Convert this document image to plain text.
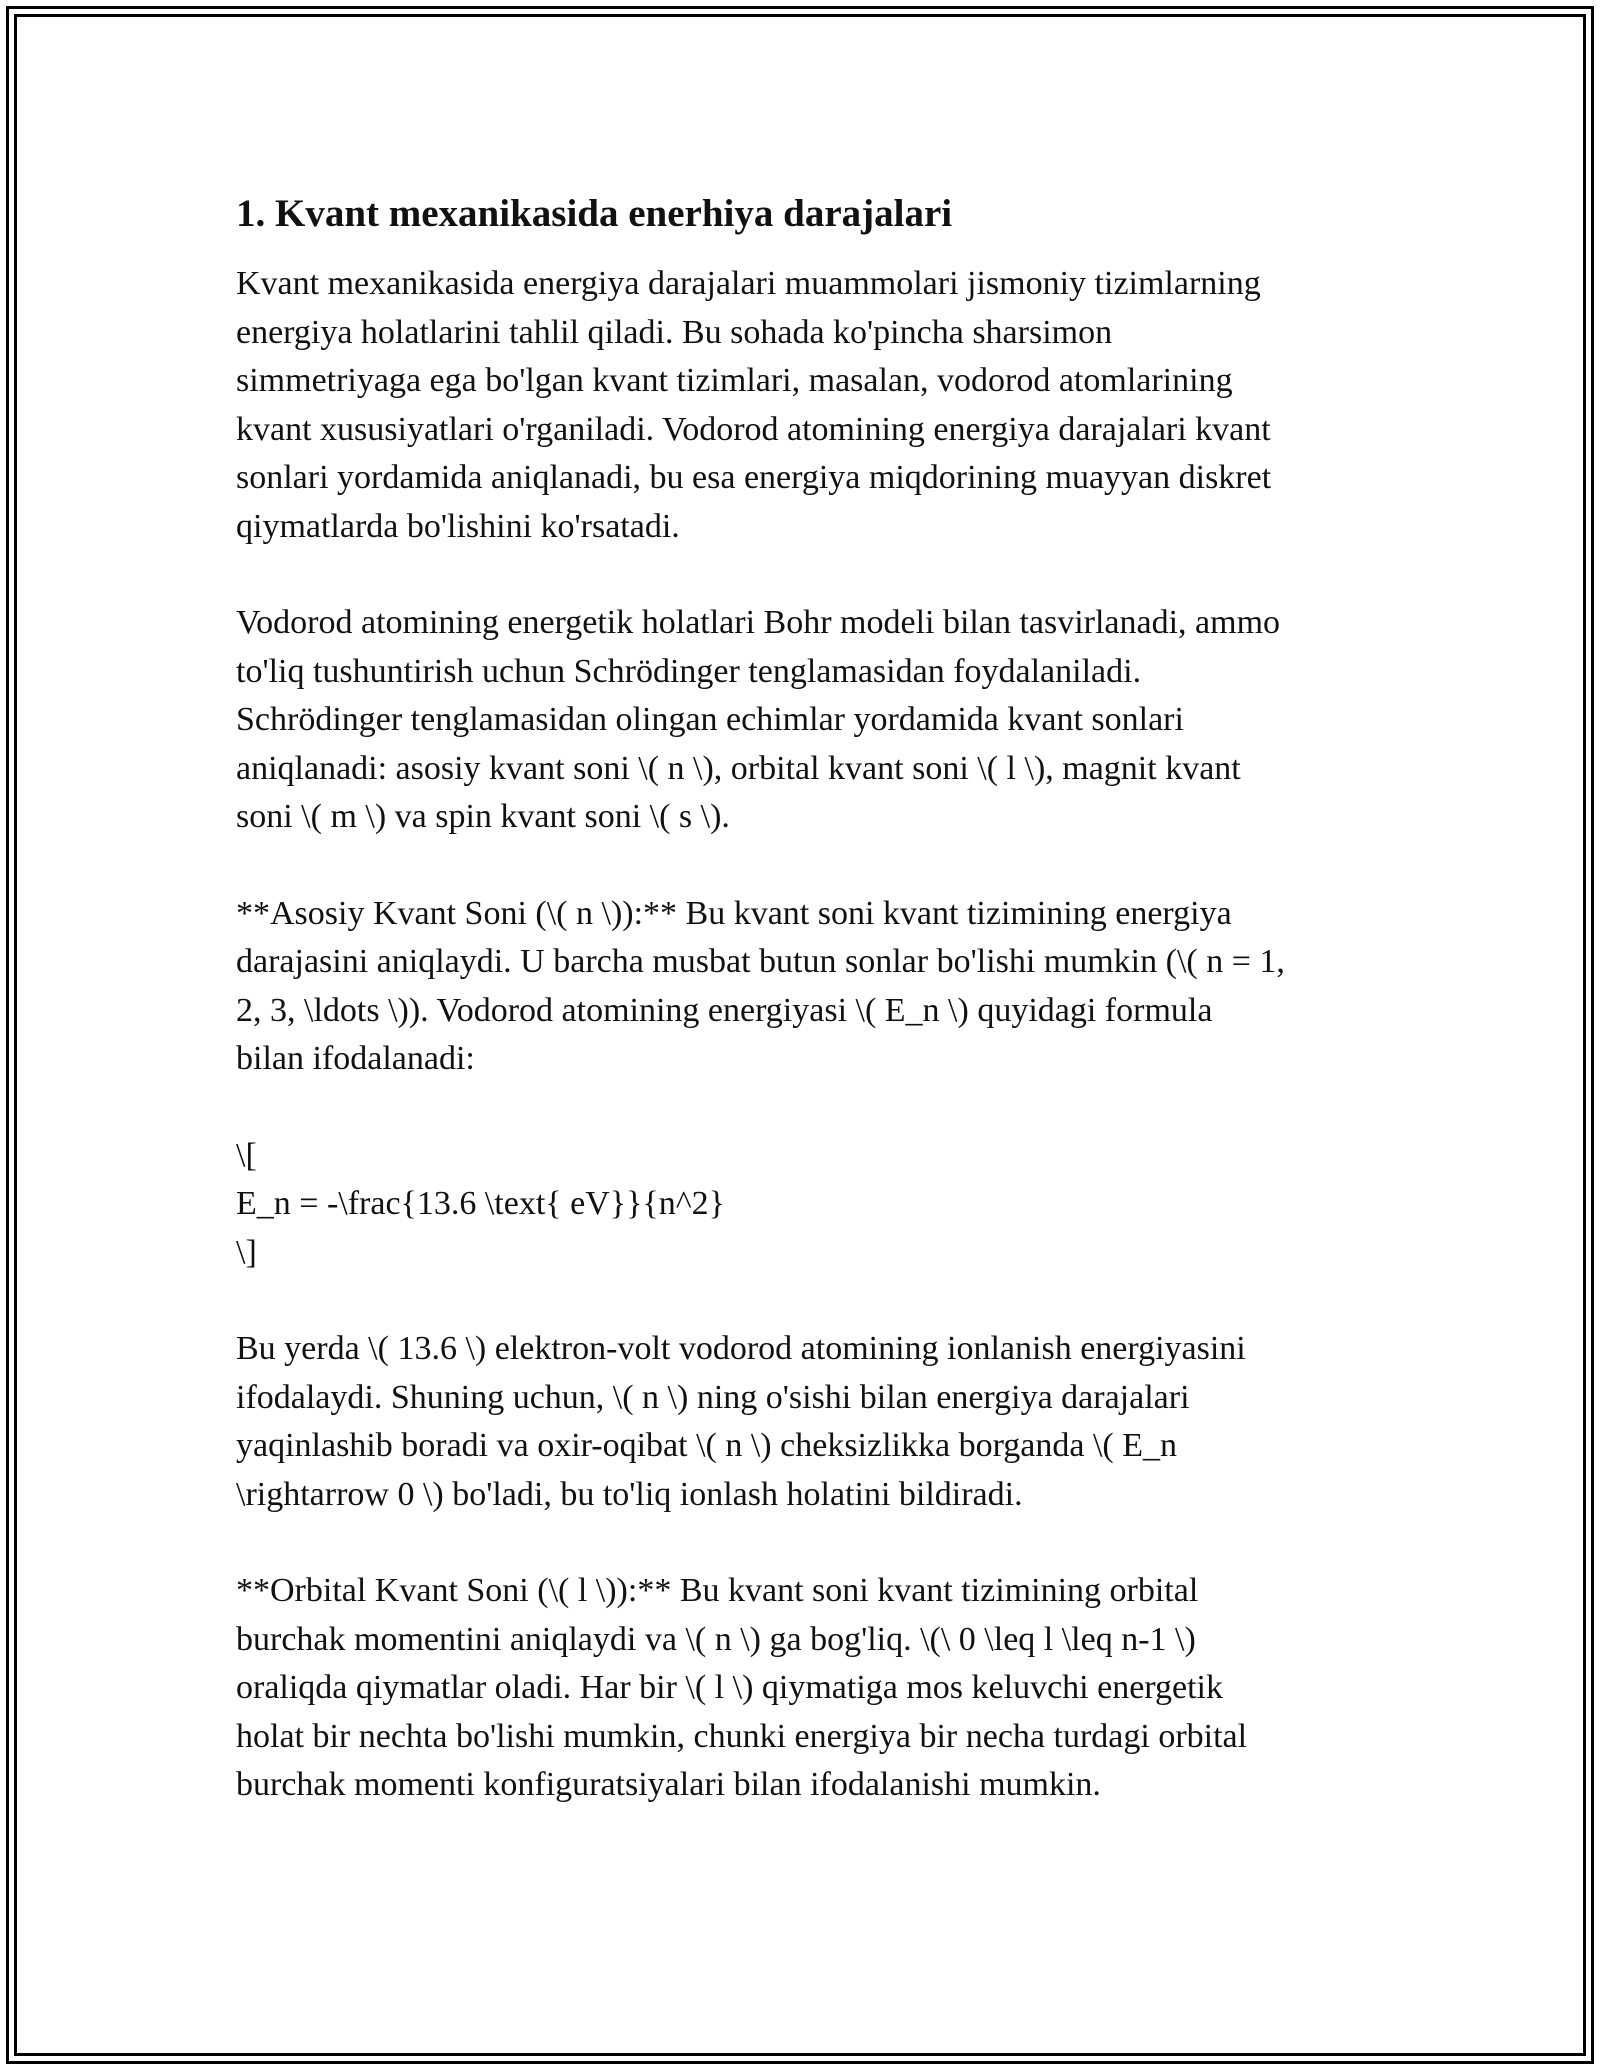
1. Kvant mexanikasida enerhiya darajalari

Kvant mexanikasida energiya darajalari muammolari jismoniy tizimlarning
energiya holatlarini tahlil qiladi. Bu sohada ko'pincha sharsimon
simmetriyaga ega bo'lgan kvant tizimlari, masalan, vodorod atomlarining
kvant xususiyatlari o'rganiladi. Vodorod atomining energiya darajalari kvant
sonlari yordamida aniqlanadi, bu esa energiya miqdorining muayyan diskret
qiymatlarda bo'lishini ko'rsatadi.

Vodorod atomining energetik holatlari Bohr modeli bilan tasvirlanadi, ammo
to'liq tushuntirish uchun Schrödinger tenglamasidan foydalaniladi.
Schrödinger tenglamasidan olingan echimlar yordamida kvant sonlari
aniqlanadi: asosiy kvant soni \( n \), orbital kvant soni \( l \), magnit kvant
soni \( m \) va spin kvant soni \( s \).

**Asosiy Kvant Soni (\( n \)):** Bu kvant soni kvant tizimining energiya
darajasini aniqlaydi. U barcha musbat butun sonlar bo'lishi mumkin (\( n = 1,
2, 3, \ldots \)). Vodorod atomining energiyasi \( E_n \) quyidagi formula
bilan ifodalanadi:

\[
E_n = -\frac{13.6 \text{ eV}}{n^2}
\]

Bu yerda \( 13.6 \) elektron-volt vodorod atomining ionlanish energiyasini
ifodalaydi. Shuning uchun, \( n \) ning o'sishi bilan energiya darajalari
yaqinlashib boradi va oxir-oqibat \( n \) cheksizlikka borganda \( E_n
\rightarrow 0 \) bo'ladi, bu to'liq ionlash holatini bildiradi.

**Orbital Kvant Soni (\( l \)):** Bu kvant soni kvant tizimining orbital
burchak momentini aniqlaydi va \( n \) ga bog'liq. \(\ 0 \leq l \leq n-1 \)
oraliqda qiymatlar oladi. Har bir \( l \) qiymatiga mos keluvchi energetik
holat bir nechta bo'lishi mumkin, chunki energiya bir necha turdagi orbital
burchak momenti konfiguratsiyalari bilan ifodalanishi mumkin.
